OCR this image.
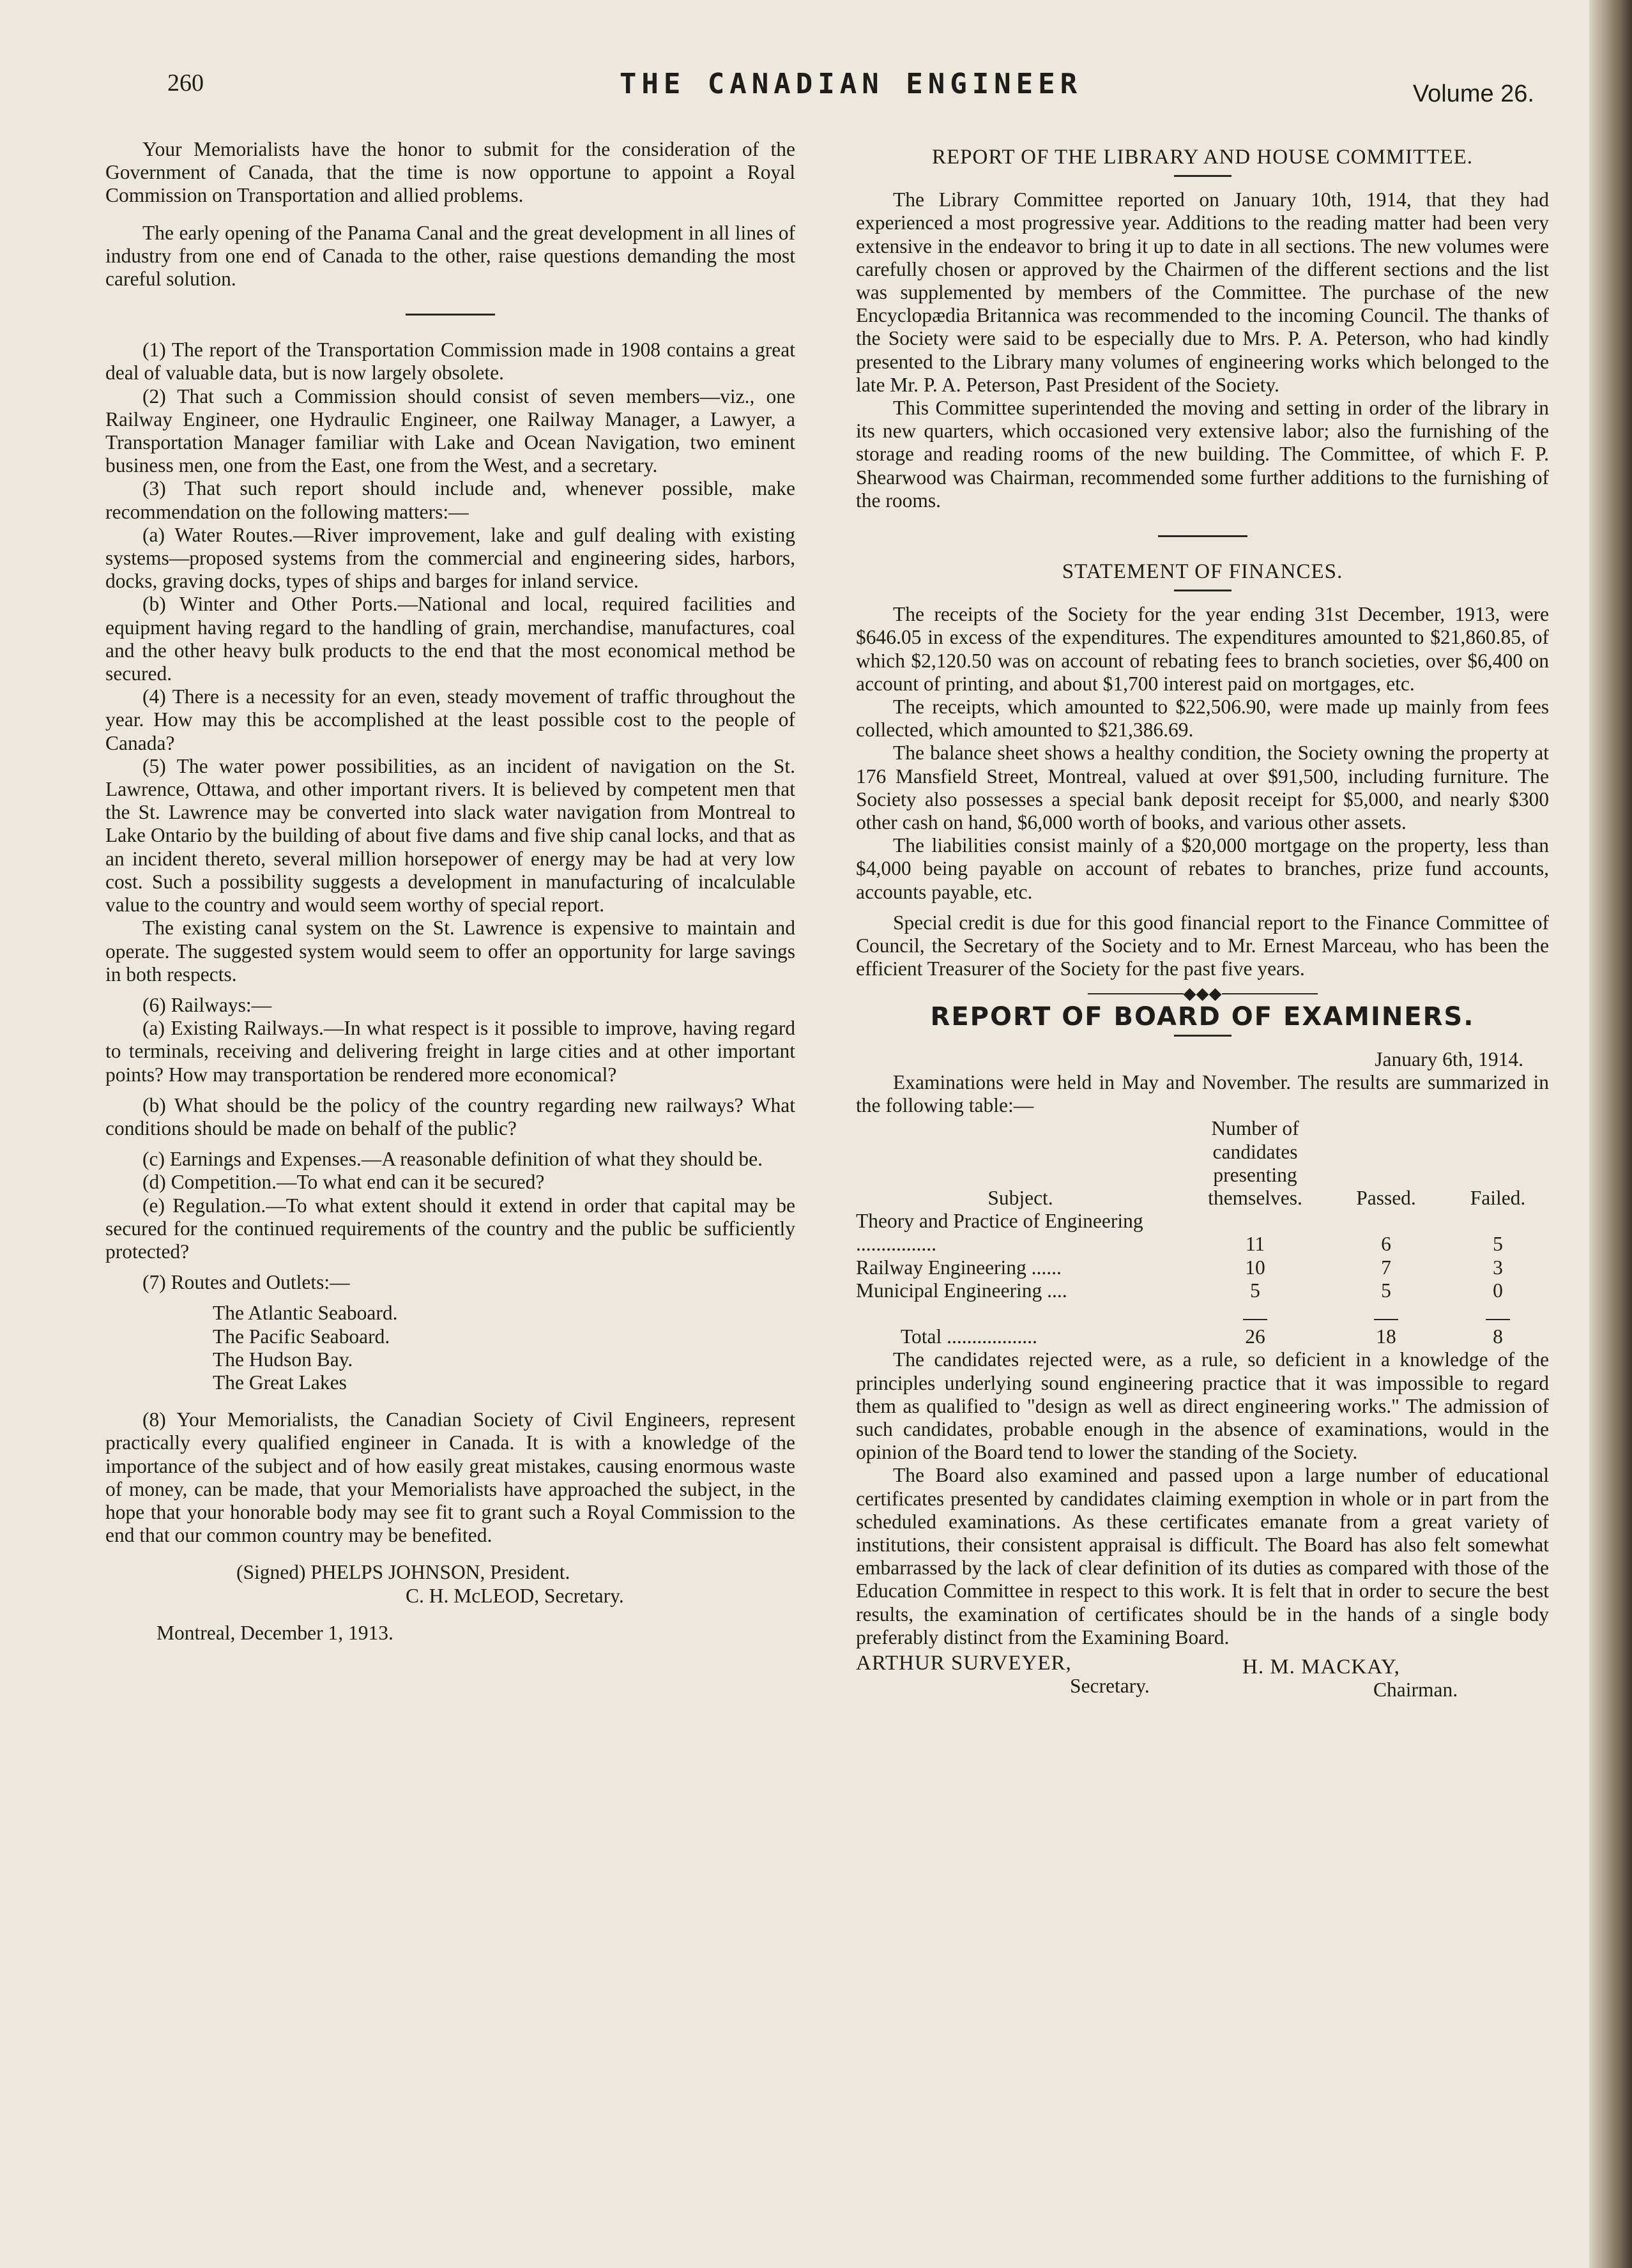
260	THE CANADIAN ENGINEER	Volume 26.

Your Memorialists have the honor to submit for the consideration of the Government of Canada, that the time is now opportune to appoint a Royal Commission on Transportation and allied problems.

The early opening of the Panama Canal and the great development in all lines of industry from one end of Canada to the other, raise questions demanding the most careful solution.

(1) The report of the Transportation Commission made in 1908 contains a great deal of valuable data, but is now largely obsolete.

(2) That such a Commission should consist of seven members—viz., one Railway Engineer, one Hydraulic Engineer, one Railway Manager, a Lawyer, a Transportation Manager familiar with Lake and Ocean Navigation, two eminent business men, one from the East, one from the West, and a secretary.

(3) That such report should include and, whenever possible, make recommendation on the following matters:—

(a) Water Routes.—River improvement, lake and gulf dealing with existing systems—proposed systems from the commercial and engineering sides, harbors, docks, graving docks, types of ships and barges for inland service.

(b) Winter and Other Ports.—National and local, required facilities and equipment having regard to the handling of grain, merchandise, manufactures, coal and the other heavy bulk products to the end that the most economical method be secured.

(4) There is a necessity for an even, steady movement of traffic throughout the year. How may this be accomplished at the least possible cost to the people of Canada?

(5) The water power possibilities, as an incident of navigation on the St. Lawrence, Ottawa, and other important rivers. It is believed by competent men that the St. Lawrence may be converted into slack water navigation from Montreal to Lake Ontario by the building of about five dams and five ship canal locks, and that as an incident thereto, several million horsepower of energy may be had at very low cost. Such a possibility suggests a development in manufacturing of incalculable value to the country and would seem worthy of special report.

The existing canal system on the St. Lawrence is expensive to maintain and operate. The suggested system would seem to offer an opportunity for large savings in both respects.

(6) Railways:—

(a) Existing Railways.—In what respect is it possible to improve, having regard to terminals, receiving and delivering freight in large cities and at other important points? How may transportation be rendered more economical?

(b) What should be the policy of the country regarding new railways? What conditions should be made on behalf of the public?

(c) Earnings and Expenses.—A reasonable definition of what they should be.

(d) Competition.—To what end can it be secured?

(e) Regulation.—To what extent should it extend in order that capital may be secured for the continued requirements of the country and the public be sufficiently protected?

(7) Routes and Outlets:—

The Atlantic Seaboard.
The Pacific Seaboard.
The Hudson Bay.
The Great Lakes

(8) Your Memorialists, the Canadian Society of Civil Engineers, represent practically every qualified engineer in Canada. It is with a knowledge of the importance of the subject and of how easily great mistakes, causing enormous waste of money, can be made, that your Memorialists have approached the subject, in the hope that your honorable body may see fit to grant such a Royal Commission to the end that our common country may be benefited.

(Signed) PHELPS JOHNSON, President.
C. H. McLEOD, Secretary.
Montreal, December 1, 1913.
REPORT OF THE LIBRARY AND HOUSE COMMITTEE.

The Library Committee reported on January 10th, 1914, that they had experienced a most progressive year. Additions to the reading matter had been very extensive in the endeavor to bring it up to date in all sections. The new volumes were carefully chosen or approved by the Chairmen of the different sections and the list was supplemented by members of the Committee. The purchase of the new Encyclopædia Britannica was recommended to the incoming Council. The thanks of the Society were said to be especially due to Mrs. P. A. Peterson, who had kindly presented to the Library many volumes of engineering works which belonged to the late Mr. P. A. Peterson, Past President of the Society.

This Committee superintended the moving and setting in order of the library in its new quarters, which occasioned very extensive labor; also the furnishing of the storage and reading rooms of the new building. The Committee, of which F. P. Shearwood was Chairman, recommended some further additions to the furnishing of the rooms.

STATEMENT OF FINANCES.

The receipts of the Society for the year ending 31st December, 1913, were $646.05 in excess of the expenditures. The expenditures amounted to $21,860.85, of which $2,120.50 was on account of rebating fees to branch societies, over $6,400 on account of printing, and about $1,700 interest paid on mortgages, etc.

The receipts, which amounted to $22,506.90, were made up mainly from fees collected, which amounted to $21,386.69.

The balance sheet shows a healthy condition, the Society owning the property at 176 Mansfield Street, Montreal, valued at over $91,500, including furniture. The Society also possesses a special bank deposit receipt for $5,000, and nearly $300 other cash on hand, $6,000 worth of books, and various other assets.

The liabilities consist mainly of a $20,000 mortgage on the property, less than $4,000 being payable on account of rebates to branches, prize fund accounts, accounts payable, etc.

Special credit is due for this good financial report to the Finance Committee of Council, the Secretary of the Society and to Mr. Ernest Marceau, who has been the efficient Treasurer of the Society for the past five years.

◆◆◆
REPORT OF BOARD OF EXAMINERS.
January 6th, 1914.

Examinations were held in May and November. The results are summarized in the following table:—

Subject.	Number of candidates presenting themselves.	Passed.	Failed.
Theory and Practice of Engineering ................	11	6	5
Railway Engineering ......	10	7	3
Municipal Engineering ....	5	5	0

Total ..................	26	18	8

The candidates rejected were, as a rule, so deficient in a knowledge of the principles underlying sound engineering practice that it was impossible to regard them as qualified to "design as well as direct engineering works." The admission of such candidates, probable enough in the absence of examinations, would in the opinion of the Board tend to lower the standing of the Society.

The Board also examined and passed upon a large number of educational certificates presented by candidates claiming exemption in whole or in part from the scheduled examinations. As these certificates emanate from a great variety of institutions, their consistent appraisal is difficult. The Board has also felt somewhat embarrassed by the lack of clear definition of its duties as compared with those of the Education Committee in respect to this work. It is felt that in order to secure the best results, the examination of certificates should be in the hands of a single body preferably distinct from the Examining Board.

ARTHUR SURVEYER,
Secretary.
H. M. MACKAY,
Chairman.
